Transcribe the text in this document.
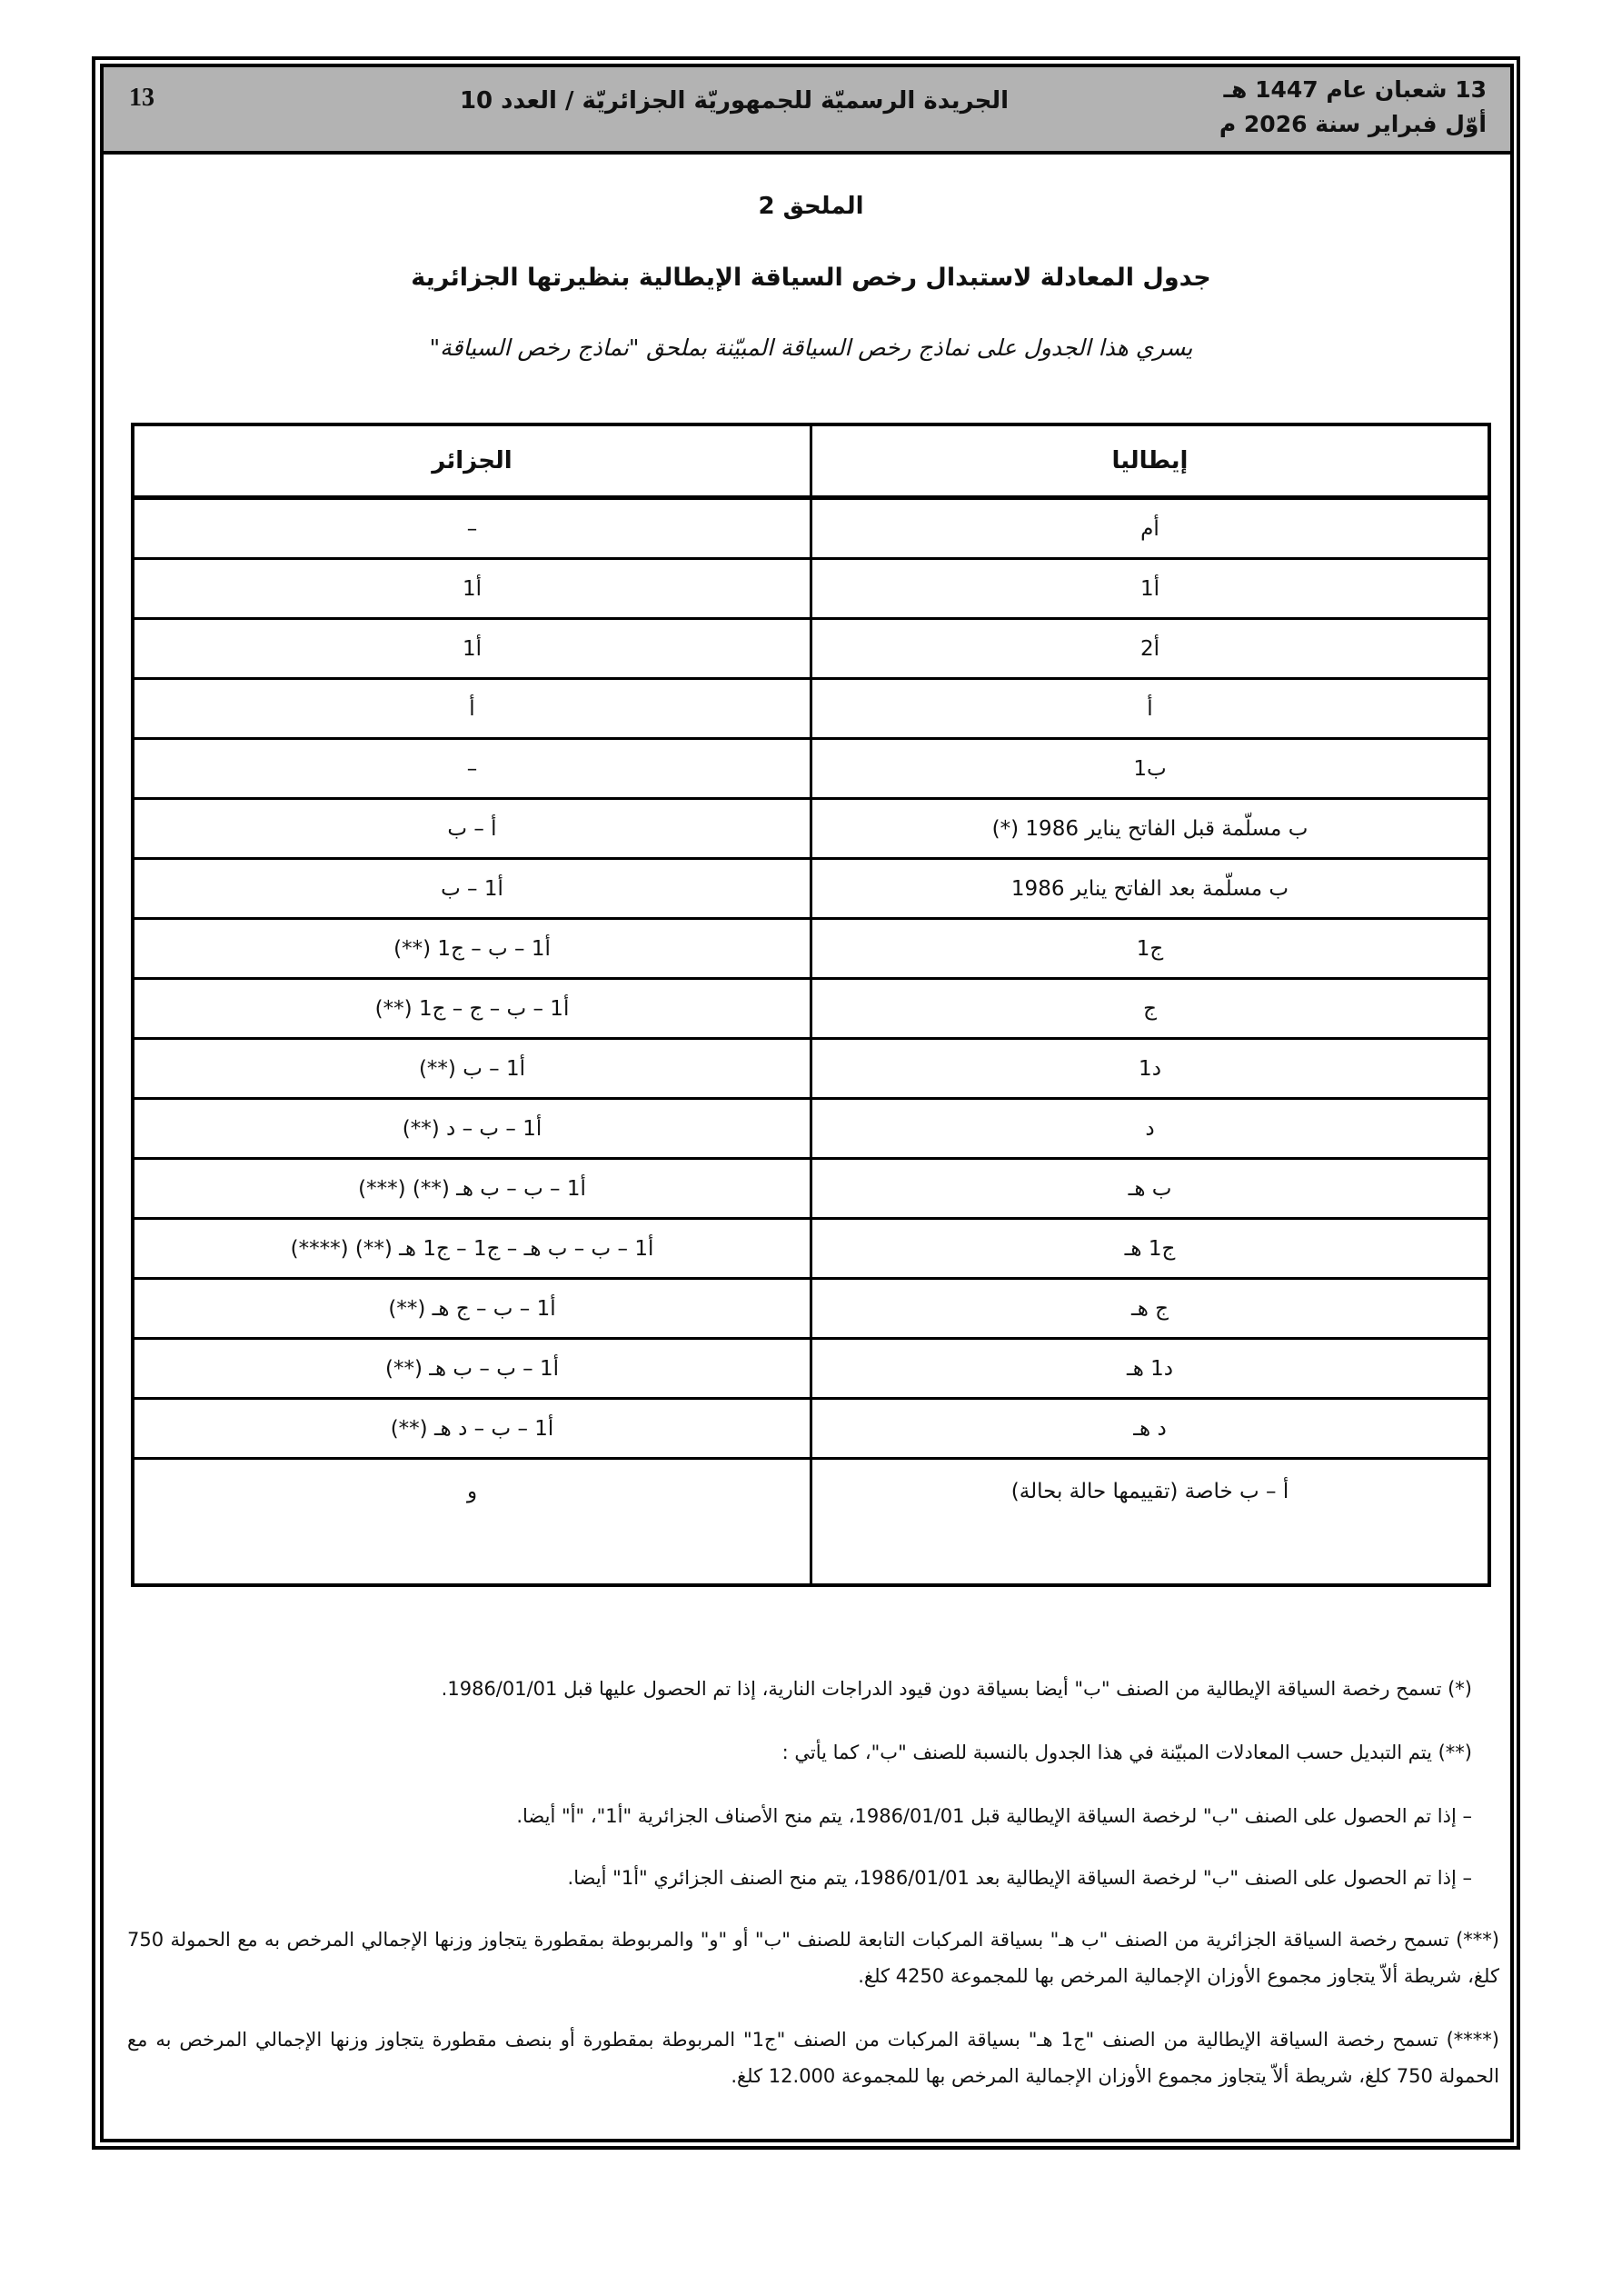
13 شعبان عام 1447 هـ
أوّل فبراير سنة 2026 م
الجريدة الرسميّة للجمهوريّة الجزائريّة / العدد 10
13
الملحق 2
جدول المعادلة لاستبدال رخص السياقة الإيطالية بنظيرتها الجزائرية
يسري هذا الجدول على نماذج رخص السياقة المبيّنة بملحق "نماذج رخص السياقة"
إيطاليا	الجزائر
أم	–
أ1	أ1
أ2	أ1
أ	أ
ب1	–
ب مسلّمة قبل الفاتح يناير 1986 (*)	أ – ب
ب مسلّمة بعد الفاتح يناير 1986	أ1 – ب
ج1	أ1 – ب – ج1 (**)
ج	أ1 – ب – ج – ج1 (**)
د1	أ1 – ب (**)
د	أ1 – ب – د (**)
ب هـ	أ1 – ب – ب هـ (**) (***)
ج1 هـ	أ1 – ب – ب هـ – ج1 – ج1 هـ (**) (****)
ج هـ	أ1 – ب – ج هـ (**)
د1 هـ	أ1 – ب – ب هـ (**)
د هـ	أ1 – ب – د هـ (**)
أ – ب خاصة (تقييمها حالة بحالة)	و

(*) تسمح رخصة السياقة الإيطالية من الصنف "ب" أيضا بسياقة دون قيود الدراجات النارية، إذا تم الحصول عليها قبل 1986/01/01.

(**) يتم التبديل حسب المعادلات المبيّنة في هذا الجدول بالنسبة للصنف "ب"، كما يأتي :

– إذا تم الحصول على الصنف "ب" لرخصة السياقة الإيطالية قبل 1986/01/01، يتم منح الأصناف الجزائرية "أ1"، "أ" أيضا.

– إذا تم الحصول على الصنف "ب" لرخصة السياقة الإيطالية بعد 1986/01/01، يتم منح الصنف الجزائري "أ1" أيضا.

(***) تسمح رخصة السياقة الجزائرية من الصنف "ب هـ" بسياقة المركبات التابعة للصنف "ب" أو "و" والمربوطة بمقطورة يتجاوز وزنها الإجمالي المرخص به مع الحمولة 750 كلغ، شريطة ألاّ يتجاوز مجموع الأوزان الإجمالية المرخص بها للمجموعة 4250 كلغ.

(****) تسمح رخصة السياقة الإيطالية من الصنف "ج1 هـ" بسياقة المركبات من الصنف "ج1" المربوطة بمقطورة أو بنصف مقطورة يتجاوز وزنها الإجمالي المرخص به مع الحمولة 750 كلغ، شريطة ألاّ يتجاوز مجموع الأوزان الإجمالية المرخص بها للمجموعة 12.000 كلغ.
